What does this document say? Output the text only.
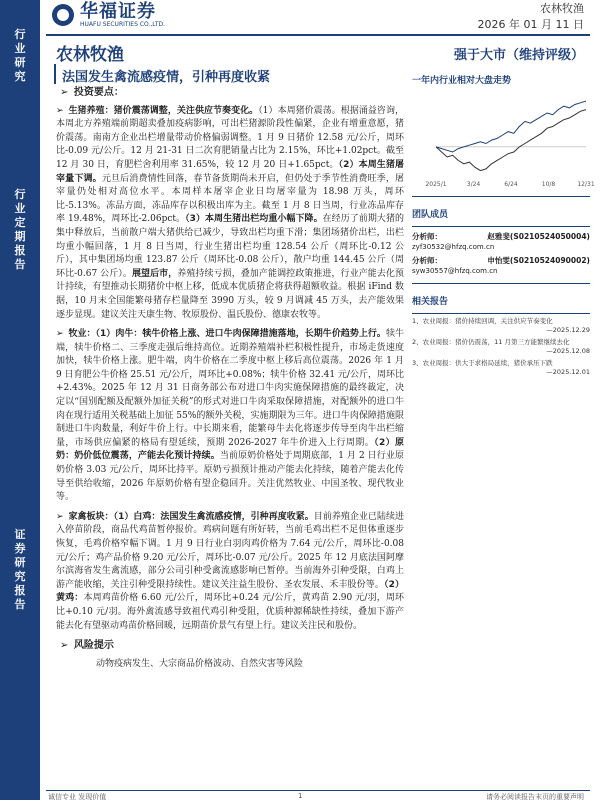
行
业
研
究
行
业
定
期
报
告
证
券
研
究
报
告
华福证券
HUAFU SECURITIES CO.,LTD.
农林牧渔
2026 年 01 月 11 日
农林牧渔
法国发生禽流感疫情，引种再度收紧
➢ 投资要点：
➢ 生猪养殖：猪价震荡调整，关注供应节奏变化。（1）本周猪价震荡。根据涌益咨询，本周北方养殖端前期超卖叠加疫病影响，可出栏猪源阶段性偏紧，企业有增重意愿，猪价震荡。南南方企业出栏增量带动价格偏弱调整。1 月 9 日猪价 12.58 元/公斤，周环比-0.09 元/公斤。12 月 21-31 日二次育肥销量占比为 2.15%，环比+1.02pct。截至 12 月 30 日，育肥栏舍利用率 31.65%，较 12 月 20 日+1.65pct。（2）本周生猪屠宰量下调。元旦后消费情性回落，春节备货期尚未开启，但仍处于季节性消费旺季，屠宰量仍处相对高位水平。本周样本屠宰企业日均屠宰量为 18.98 万头，周环比-5.13%。冻品方面，冻品库存以积极出库为主。截至 1 月 8 日当周，行业冻品库存率 19.48%，周环比-2.06pct。（3）本周生猪出栏均重小幅下降。在经历了前期大猪的集中释放后，当前散户端大猪供给已减少，导致出栏均重下滑；集团场猪价出栏，出栏均重小幅回落，1 月 8 日当周，行业生猪出栏均重 128.54 公斤（周环比-0.12 公斤），其中集团场均重 123.87 公斤（周环比-0.08 公斤），散户均重 144.45 公斤（周环比-0.67 公斤）。展望后市，养殖持续亏损，叠加产能调控政策推进，行业产能去化预计持续，有望推动长期猪价中枢上移，低成本优质猪企将获得超额收益。根据 iFind 数据，10 月末全国能繁母猪存栏量降至 3990 万头，较 9 月调减 45 万头，去产能效果逐步显现。建议关注天康生物、牧原股份、温氏股份、德康农牧等。
➢ 牧业：（1）肉牛：犊牛价格上涨、进口牛肉保障措施落地，长期牛价趋势上行。犊牛端，犊牛价格二、三季度走强后维持高位。近期养殖端补栏积极性提升，市场走货速度加快，犊牛价格上涨。肥牛端，肉牛价格在二季度中枢上移后高位震荡。2026 年 1 月 9 日育肥公牛价格 25.51 元/公斤，周环比+0.08%；犊牛价格 32.41 元/公斤，周环比+2.43%。2025 年 12 月 31 日商务部公布对进口牛肉实施保障措施的最终裁定，决定以“国别配额及配额外加征关税”的形式对进口牛肉采取保障措施，对配额外的进口牛肉在现行适用关税基础上加征 55%的额外关税，实施期限为三年。进口牛肉保障措施限制进口牛肉数量，利好牛价上行。中长期来看，能繁母牛去化将逐步传导至肉牛出栏缩量，市场供应偏紧的格局有望延续，预期 2026-2027 年牛价进入上行周期。（2）原奶：奶价低位震荡，产能去化预计持续。当前原奶价格处于周期底部，1 月 2 日行业原奶价格 3.03 元/公斤，周环比持平。原奶亏损预计推动产能去化持续，随着产能去化传导至供给收缩，2026 年原奶价格有望企稳回升。关注优然牧业、中国圣牧、现代牧业等。
➢ 家禽板块：（1）白鸡：法国发生禽流感疫情，引种再度收紧。目前养殖企业已陆续进入停苗阶段，商品代鸡苗暂停报价。鸡病问题有所好转，当前毛鸡出栏不足但体重逐步恢复，毛鸡价格窄幅下调。1 月 9 日行业白羽肉鸡价格为 7.64 元/公斤，周环比-0.08 元/公斤；鸡产品价格 9.20 元/公斤，周环比-0.07 元/公斤。2025 年 12 月底法国阿摩尔滨海省发生禽流感，部分公司引种受禽流感影响已暂停。当前海外引种受限，白鸡上游产能收缩，关注引种受限持续性。建议关注益生股份、圣农发展、禾丰股份等。（2）黄鸡：本周鸡苗价格 6.60 元/公斤，周环比+0.24 元/公斤，黄鸡苗 2.90 元/羽，周环比+0.10 元/羽。海外禽流感导致祖代鸡引种受阻，优质种源稀缺性持续，叠加下游产能去化有望驱动鸡苗价格回暖，远期苗价景气有望上行。建议关注民和股份。
➢ 风险提示
动物疫病发生、大宗商品价格波动、自然灾害等风险
强于大市（维持评级）
一年内行业相对大盘走势
2025/1	3/24	6/24	10/8	12/31
团队成员
分析师：	赵雅斐(S0210524050004)
zyf30532@hfzq.com.cn
分析师：	申怡雯(S0210524090002)
syw30557@hfzq.com.cn
相关报告
1、农业周报：猪价持续回调，关注供应节奏变化
—2025.12.29
2、农业周报：猪价仍震荡，11 月第三方能繁继续去化
—2025.12.08
3、农业周报：供大于求格局延续，猪价承压下跌
—2025.12.01
诚信专业 发现价值	1	请务必阅读报告末页的重要声明
